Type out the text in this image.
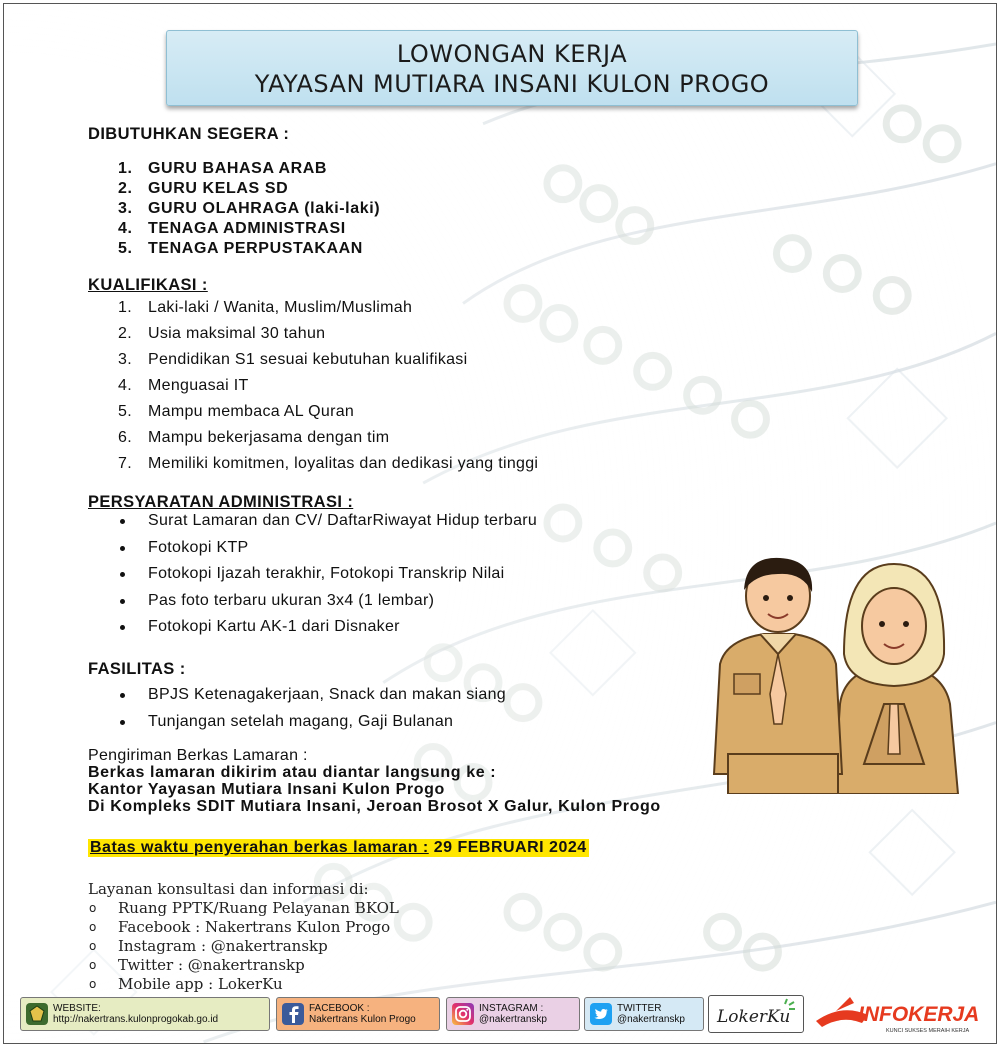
LOWONGAN KERJA
YAYASAN MUTIARA INSANI KULON PROGO
DIBUTUHKAN SEGERA :
1. GURU BAHASA ARAB
2. GURU KELAS SD
3. GURU OLAHRAGA (laki-laki)
4. TENAGA ADMINISTRASI
5. TENAGA PERPUSTAKAAN
KUALIFIKASI :
1. Laki-laki / Wanita, Muslim/Muslimah
2. Usia maksimal 30 tahun
3. Pendidikan S1 sesuai kebutuhan kualifikasi
4. Menguasai IT
5. Mampu membaca AL Quran
6. Mampu bekerjasama dengan tim
7. Memiliki komitmen, loyalitas dan dedikasi yang tinggi
PERSYARATAN ADMINISTRASI :
Surat Lamaran dan CV/ DaftarRiwayat Hidup terbaru
Fotokopi KTP
Fotokopi Ijazah terakhir, Fotokopi Transkrip Nilai
Pas foto terbaru ukuran 3x4 (1 lembar)
Fotokopi Kartu AK-1 dari Disnaker
FASILITAS :
BPJS Ketenagakerjaan, Snack dan makan siang
Tunjangan setelah magang, Gaji Bulanan
Pengiriman Berkas Lamaran :
Berkas lamaran dikirim atau diantar langsung ke :
Kantor Yayasan Mutiara Insani Kulon Progo
Di Kompleks SDIT Mutiara Insani, Jeroan Brosot X Galur, Kulon Progo
Batas waktu penyerahan berkas lamaran : 29 FEBRUARI 2024
Layanan konsultasi dan informasi di:
o Ruang PPTK/Ruang Pelayanan BKOL
o Facebook : Nakertrans Kulon Progo
o Instagram : @nakertranskp
o Twitter : @nakertranskp
o Mobile app : LokerKu
WEBSITE:
http://nakertrans.kulonprogokab.go.id
FACEBOOK :
Nakertrans Kulon Progo
INSTAGRAM :
@nakertranskp
TWITTER
@nakertranskp LokerKu	INFOKERJA
KUNCI SUKSES MERAIH KERJA
